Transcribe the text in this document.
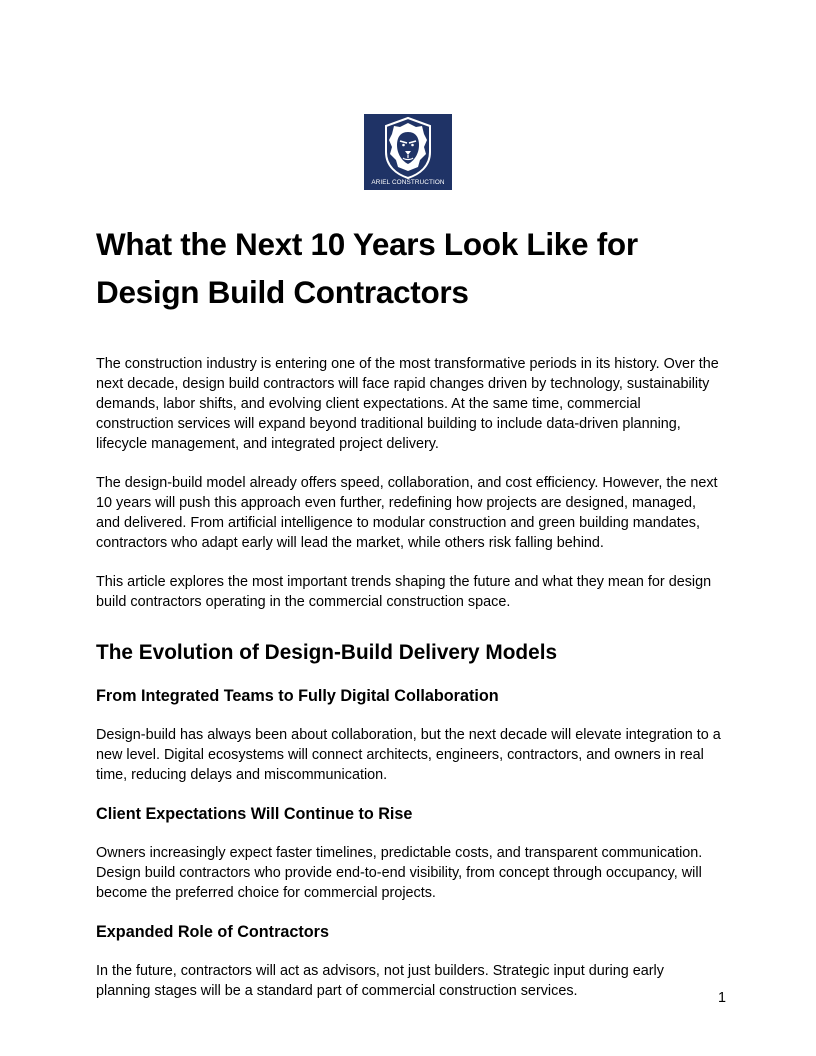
ARIEL CONSTRUCTION
What the Next 10 Years Look Like for Design Build Contractors

The construction industry is entering one of the most transformative periods in its history. Over the next decade, design build contractors will face rapid changes driven by technology, sustainability demands, labor shifts, and evolving client expectations. At the same time, commercial construction services will expand beyond traditional building to include data-driven planning, lifecycle management, and integrated project delivery.

The design-build model already offers speed, collaboration, and cost efficiency. However, the next 10 years will push this approach even further, redefining how projects are designed, managed, and delivered. From artificial intelligence to modular construction and green building mandates, contractors who adapt early will lead the market, while others risk falling behind.

This article explores the most important trends shaping the future and what they mean for design build contractors operating in the commercial construction space.

The Evolution of Design-Build Delivery Models
From Integrated Teams to Fully Digital Collaboration

Design-build has always been about collaboration, but the next decade will elevate integration to a new level. Digital ecosystems will connect architects, engineers, contractors, and owners in real time, reducing delays and miscommunication.

Client Expectations Will Continue to Rise

Owners increasingly expect faster timelines, predictable costs, and transparent communication. Design build contractors who provide end-to-end visibility, from concept through occupancy, will become the preferred choice for commercial projects.

Expanded Role of Contractors

In the future, contractors will act as advisors, not just builders. Strategic input during early planning stages will be a standard part of commercial construction services.	1
